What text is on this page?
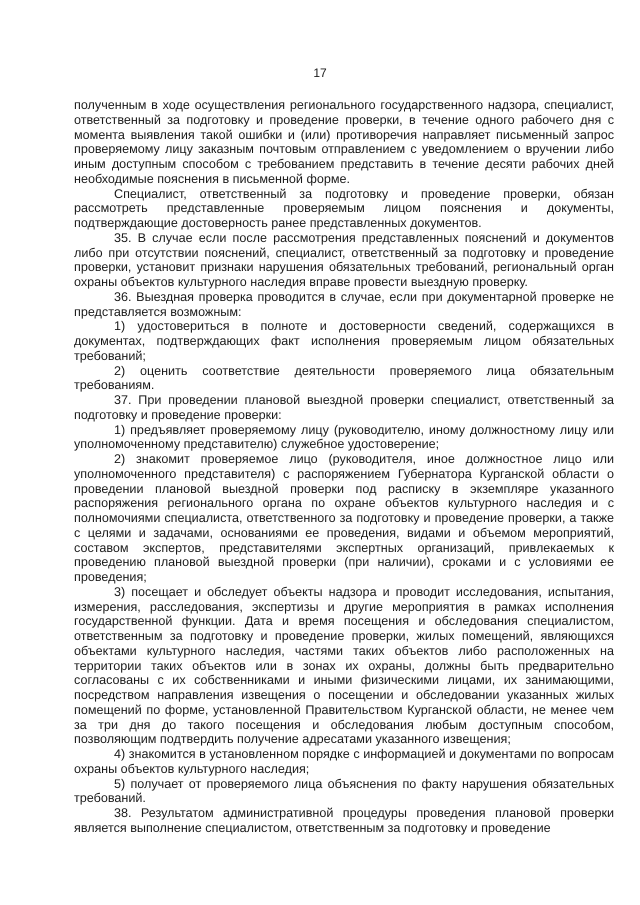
17

полученным в ходе осуществления регионального государственного надзора, специалист, ответственный за подготовку и проведение проверки, в течение одного рабочего дня с момента выявления такой ошибки и (или) противоречия направляет письменный запрос проверяемому лицу заказным почтовым отправлением с уведомлением о вручении либо иным доступным способом с требованием представить в течение десяти рабочих дней необходимые пояснения в письменной форме.

Специалист, ответственный за подготовку и проведение проверки, обязан рассмотреть представленные проверяемым лицом пояснения и документы, подтверждающие достоверность ранее представленных документов.

35. В случае если после рассмотрения представленных пояснений и документов либо при отсутствии пояснений, специалист, ответственный за подготовку и проведение проверки, установит признаки нарушения обязательных требований, региональный орган охраны объектов культурного наследия вправе провести выездную проверку.

36. Выездная проверка проводится в случае, если при документарной проверке не представляется возможным:

1) удостовериться в полноте и достоверности сведений, содержащихся в документах, подтверждающих факт исполнения проверяемым лицом обязательных требований;

2) оценить соответствие деятельности проверяемого лица обязательным требованиям.

37. При проведении плановой выездной проверки специалист, ответственный за подготовку и проведение проверки:

1) предъявляет проверяемому лицу (руководителю, иному должностному лицу или уполномоченному представителю) служебное удостоверение;

2) знакомит проверяемое лицо (руководителя, иное должностное лицо или уполномоченного представителя) с распоряжением Губернатора Курганской области о проведении плановой выездной проверки под расписку в экземпляре указанного распоряжения регионального органа по охране объектов культурного наследия и с полномочиями специалиста, ответственного за подготовку и проведение проверки, а также с целями и задачами, основаниями ее проведения, видами и объемом мероприятий, составом экспертов, представителями экспертных организаций, привлекаемых к проведению плановой выездной проверки (при наличии), сроками и с условиями ее проведения;

3) посещает и обследует объекты надзора и проводит исследования, испытания, измерения, расследования, экспертизы и другие мероприятия в рамках исполнения государственной функции. Дата и время посещения и обследования специалистом, ответственным за подготовку и проведение проверки, жилых помещений, являющихся объектами культурного наследия, частями таких объектов либо расположенных на территории таких объектов или в зонах их охраны, должны быть предварительно согласованы с их собственниками и иными физическими лицами, их занимающими, посредством направления извещения о посещении и обследовании указанных жилых помещений по форме, установленной Правительством Курганской области, не менее чем за три дня до такого посещения и обследования любым доступным способом, позволяющим подтвердить получение адресатами указанного извещения;

4) знакомится в установленном порядке с информацией и документами по вопросам охраны объектов культурного наследия;

5) получает от проверяемого лица объяснения по факту нарушения обязательных требований.

38. Результатом административной процедуры проведения плановой проверки является выполнение специалистом, ответственным за подготовку и проведение
